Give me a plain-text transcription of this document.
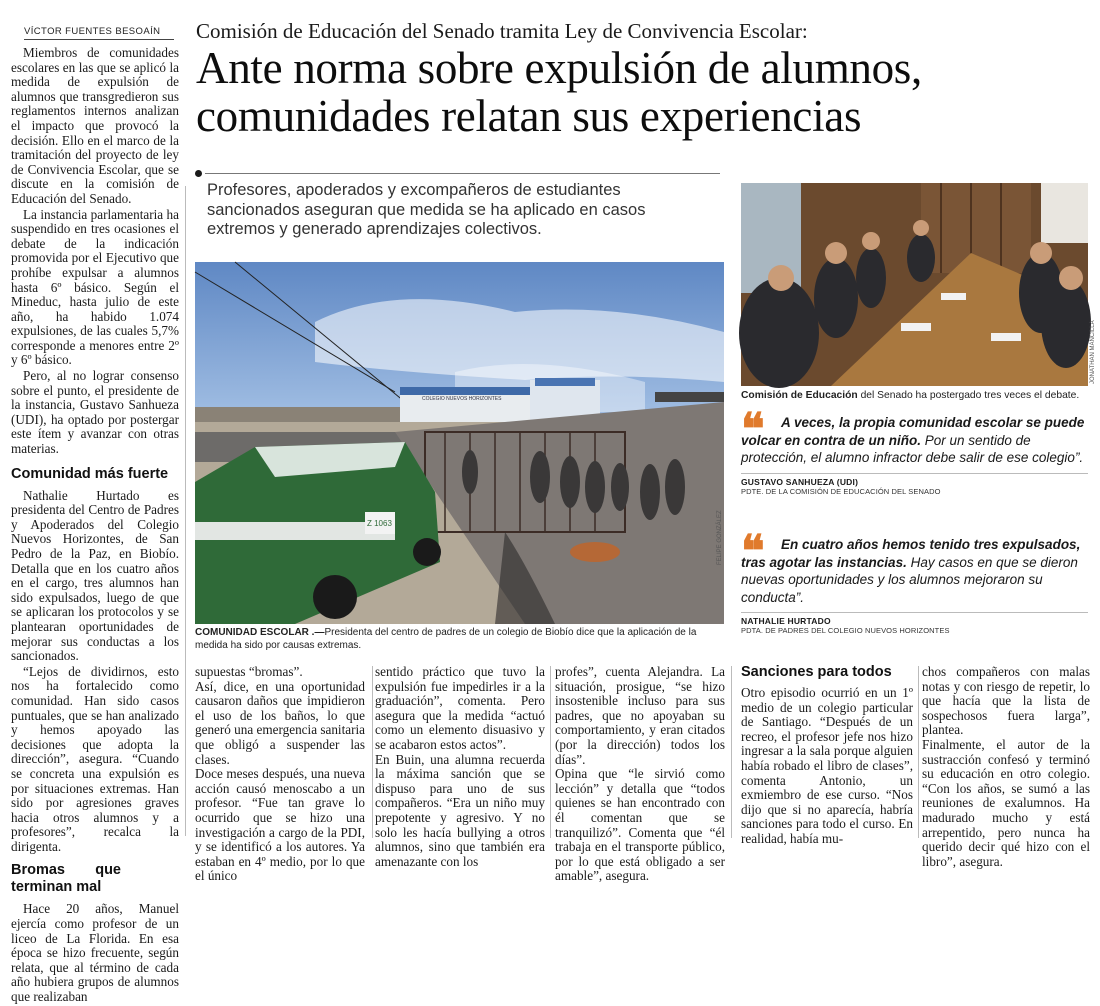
VÍCTOR FUENTES BESOAÍN	Comisión de Educación del Senado tramita Ley de Convivencia Escolar:
Ante norma sobre expulsión de alumnos, comunidades relatan sus experiencias
Profesores, apoderados y excompañeros de estudiantes sancionados aseguran que medida se ha aplicado en casos extremos y generado aprendizajes colectivos.

Miembros de comunidades escolares en las que se aplicó la medida de expulsión de alumnos que transgredieron sus reglamentos internos analizan el impacto que provocó la decisión. Ello en el marco de la tramitación del proyecto de ley de Convivencia Escolar, que se discute en la comisión de Educación del Senado.

La instancia parlamentaria ha suspendido en tres ocasiones el debate de la indicación promovida por el Ejecutivo que prohíbe expulsar a alumnos hasta 6º básico. Según el Mineduc, hasta julio de este año, ha habido 1.074 expulsiones, de las cuales 5,7% corresponde a menores entre 2º y 6º básico.

Pero, al no lograr consenso sobre el punto, el presidente de la instancia, Gustavo Sanhueza (UDI), ha optado por postergar este ítem y avanzar con otras materias.

Comunidad más fuerte

Nathalie Hurtado es presidenta del Centro de Padres y Apoderados del Colegio Nuevos Horizontes, de San Pedro de la Paz, en Biobío. Detalla que en los cuatro años en el cargo, tres alumnos han sido expulsados, luego de que se aplicaran los protocolos y se plantearan oportunidades de mejorar sus conductas a los sancionados.

“Lejos de dividirnos, esto nos ha fortalecido como comunidad. Han sido casos puntuales, que se han analizado y hemos apoyado las decisiones que adopta la dirección”, asegura. “Cuando se concreta una expulsión es por situaciones extremas. Han sido por agresiones graves hacia otros alumnos y a profesores”, recalca la dirigenta.

Bromas que terminan mal

Hace 20 años, Manuel ejercía como profesor de un liceo de La Florida. En esa época se hizo frecuente, según relata, que al término de cada año hubiera grupos de alumnos que realizaban

COLEGIO NUEVOS HORIZONTES
Z 1063	FELIPE GONZÁLEZ
COMUNIDAD ESCOLAR .—Presidenta del centro de padres de un colegio de Biobío dice que la aplicación de la medida ha sido por causas extremas.
JONATHAN MANCILLA
Comisión de Educación del Senado ha postergado tres veces el debate.
❝	A veces, la propia comunidad escolar se puede volcar en contra de un niño. Por un sentido de protección, el alumno infractor debe salir de ese colegio”.
GUSTAVO SANHUEZA (UDI)
PDTE. DE LA COMISIÓN DE EDUCACIÓN DEL SENADO
❝	En cuatro años hemos tenido tres expulsados, tras agotar las instancias. Hay casos en que se dieron nuevas oportunidades y los alumnos mejoraron su conducta”.
NATHALIE HURTADO
PDTA. DE PADRES DEL COLEGIO NUEVOS HORIZONTES
supuestas “bromas”.
Así, dice, en una oportunidad causaron daños que impidieron el uso de los baños, lo que generó una emergencia sanitaria que obligó a suspender las clases.
Doce meses después, una nueva acción causó menoscabo a un profesor. “Fue tan grave lo ocurrido que se hizo una investigación a cargo de la PDI, y se identificó a los autores. Ya estaban en 4º medio, por lo que el único
sentido práctico que tuvo la expulsión fue impedirles ir a la graduación”, comenta. Pero asegura que la medida “actuó como un elemento disuasivo y se acabaron estos actos”.
En Buin, una alumna recuerda la máxima sanción que se dispuso para uno de sus compañeros. “Era un niño muy prepotente y agresivo. Y no solo les hacía bullying a otros alumnos, sino que también era amenazante con los
profes”, cuenta Alejandra. La situación, prosigue, “se hizo insostenible incluso para sus padres, que no apoyaban su comportamiento, y eran citados (por la dirección) todos los días”.
Opina que “le sirvió como lección” y detalla que “todos quienes se han encontrado con él comentan que se tranquilizó”. Comenta que “él trabaja en el transporte público, por lo que está obligado a ser amable”, asegura.
Sanciones para todos
Otro episodio ocurrió en un 1º medio de un colegio particular de Santiago. “Después de un recreo, el profesor jefe nos hizo ingresar a la sala porque alguien había robado el libro de clases”, comenta Antonio, un exmiembro de ese curso. “Nos dijo que si no aparecía, habría sanciones para todo el curso. En realidad, había mu-
chos compañeros con malas notas y con riesgo de repetir, lo que hacía que la lista de sospechosos fuera larga”, plantea.
Finalmente, el autor de la sustracción confesó y terminó su educación en otro colegio. “Con los años, se sumó a las reuniones de exalumnos. Ha madurado mucho y está arrepentido, pero nunca ha querido decir qué hizo con el libro”, asegura.
